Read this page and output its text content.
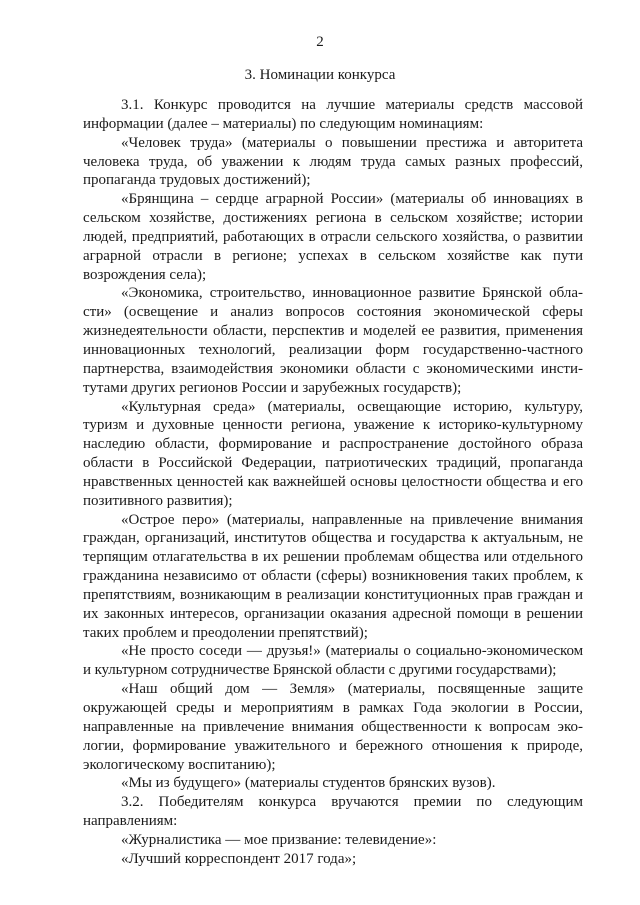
2
3. Номинации конкурса

3.1. Конкурс проводится на лучшие материалы средств массовой информации (далее – материалы) по следующим номинациям:

«Человек труда» (материалы о повышении престижа и авторитета человека труда, об уважении к людям труда самых разных профессий, пропаганда трудовых достижений);

«Брянщина – сердце аграрной России» (материалы об инновациях в сельском хозяйстве, достижениях региона в сельском хозяйстве; истории людей, предприятий, работающих в отрасли сельского хозяйства, о развитии аграрной отрасли в регионе; успехах в сельском хозяйстве как пути возрождения села);

«Экономика, строительство, инновационное развитие Брянской области» (освещение и анализ вопросов состояния экономической сферы жизнедеятельности области, перспектив и моделей ее развития, применения инновационных технологий, реализации форм государственно-частного партнерства, взаимодействия экономики области с экономическими институтами других регионов России и зарубежных государств);

«Культурная среда» (материалы, освещающие историю, культуру, туризм и духовные ценности региона, уважение к историко-культурному наследию области, формирование и распространение достойного образа области в Российской Федерации, патриотических традиций, пропаганда нравственных ценностей как важнейшей основы целостности общества и его позитивного развития);

«Острое перо» (материалы, направленные на привлечение внимания граждан, организаций, институтов общества и государства к актуальным, не терпящим отлагательства в их решении проблемам общества или отдельного гражданина независимо от области (сферы) возникновения таких проблем, к препятствиям, возникающим в реализации конституционных прав граждан и их законных интересов, организации оказания адресной помощи в решении таких проблем и преодолении препятствий);

«Не просто соседи — друзья!» (материалы о социально-экономическом и культурном сотрудничестве Брянской области с другими государствами);

«Наш общий дом — Земля» (материалы, посвященные защите окружающей среды и мероприятиям в рамках Года экологии в России, направленные на привлечение внимания общественности к вопросам экологии, формирование уважительного и бережного отношения к природе, экологическому воспитанию);

«Мы из будущего» (материалы студентов брянских вузов).

3.2. Победителям конкурса вручаются премии по следующим направлениям:

«Журналистика — мое призвание: телевидение»:

«Лучший корреспондент 2017 года»;
